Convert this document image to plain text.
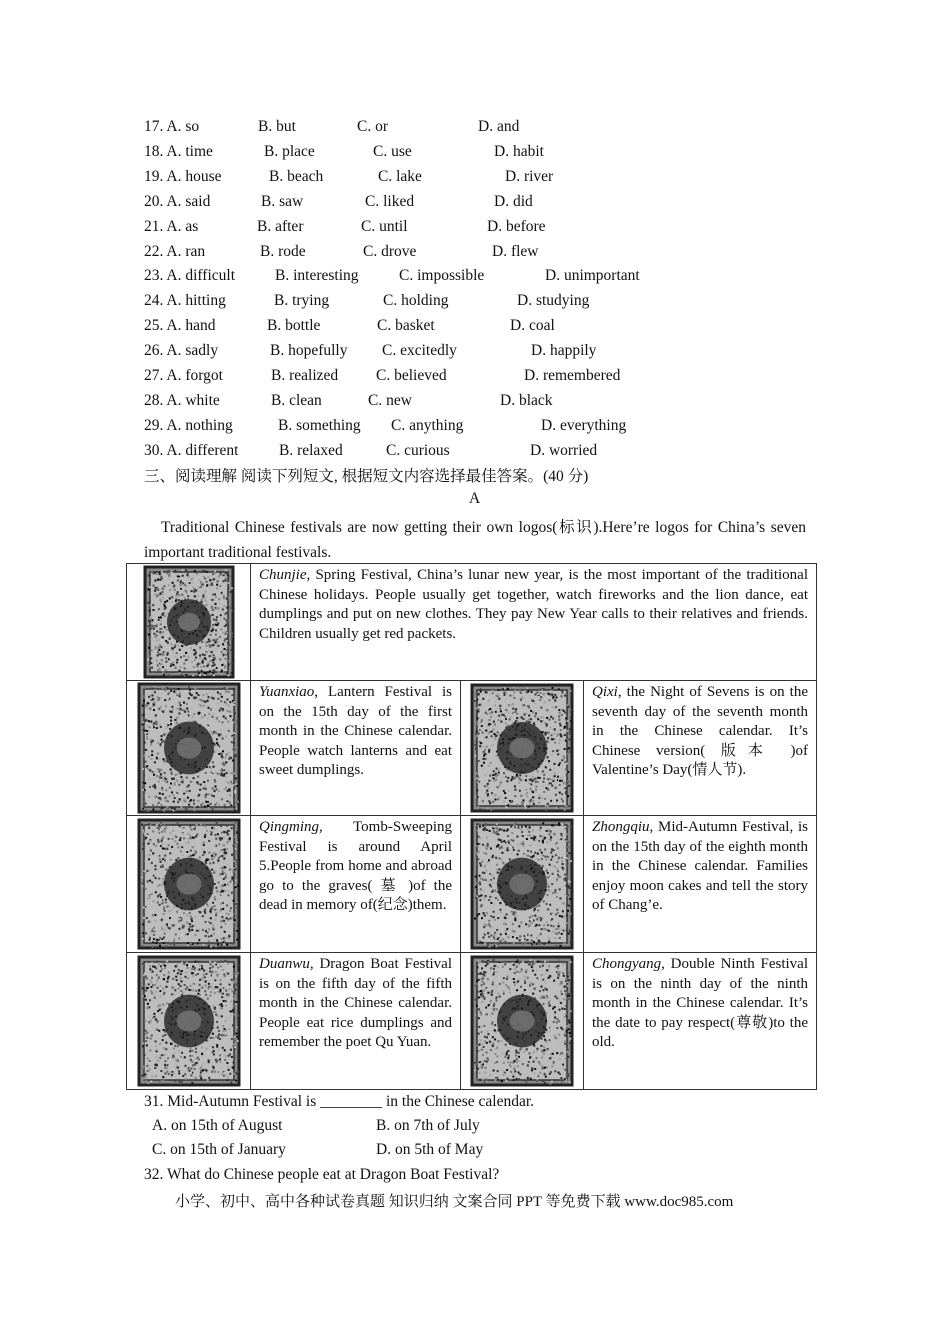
17. A. so	B. but	C. or	D. and
18. A. time	B. place	C. use	D. habit
19. A. house	B. beach	C. lake	D. river
20. A. said	B. saw	C. liked	D. did
21. A. as	B. after	C. until	D. before
22. A. ran	B. rode	C. drove	D. flew
23. A. difficult	B. interesting	C. impossible	D. unimportant
24. A. hitting	B. trying	C. holding	D. studying
25. A. hand	B. bottle	C. basket	D. coal
26. A. sadly	B. hopefully C. excitedly	D. happily
27. A. forgot	B. realized C. believed	D. remembered
28. A. white	B. clean	C. new	D. black
29. A. nothing	B. something C. anything	D. everything
30. A. different	B. relaxed	C. curious	D. worried
三、阅读理解 阅读下列短文, 根据短文内容选择最佳答案。(40 分)
A
Traditional Chinese festivals are now getting their own logos(标识).Here’re logos for China’s seven important traditional festivals.
	Chunjie, Spring Festival, China’s lunar new year, is the most important of the traditional Chinese holidays. People usually get together, watch fireworks and the lion dance, eat dumplings and put on new clothes. They pay New Year calls to their relatives and friends. Children usually get red packets.		

	Yuanxiao, Lantern Festival is on the 15th day of the first month in the Chinese calendar. People watch lanterns and eat sweet dumplings.		Qixi, the Night of Sevens is on the seventh day of the seventh month in the Chinese calendar. It’s Chinese version( 版本 )of Valentine’s Day(情人节).

	Qingming, Tomb-Sweeping Festival is around April 5.People from home and abroad go to the graves( 墓 )of the dead in memory of(纪念)them.		Zhongqiu, Mid-Autumn Festival, is on the 15th day of the eighth month in the Chinese calendar. Families enjoy moon cakes and tell the story of Chang’e.

	Duanwu, Dragon Boat Festival is on the fifth day of the fifth month in the Chinese calendar. People eat rice dumplings and remember the poet Qu Yuan.		Chongyang, Double Ninth Festival is on the ninth day of the ninth month in the Chinese calendar. It’s the date to pay respect(尊敬)to the old.
31. Mid-Autumn Festival is ________ in the Chinese calendar.
A. on 15th of August	B. on 7th of July
C. on 15th of January	D. on 5th of May
32. What do Chinese people eat at Dragon Boat Festival?
小学、初中、高中各种试卷真题 知识归纳 文案合同 PPT 等免费下载 www.doc985.com
